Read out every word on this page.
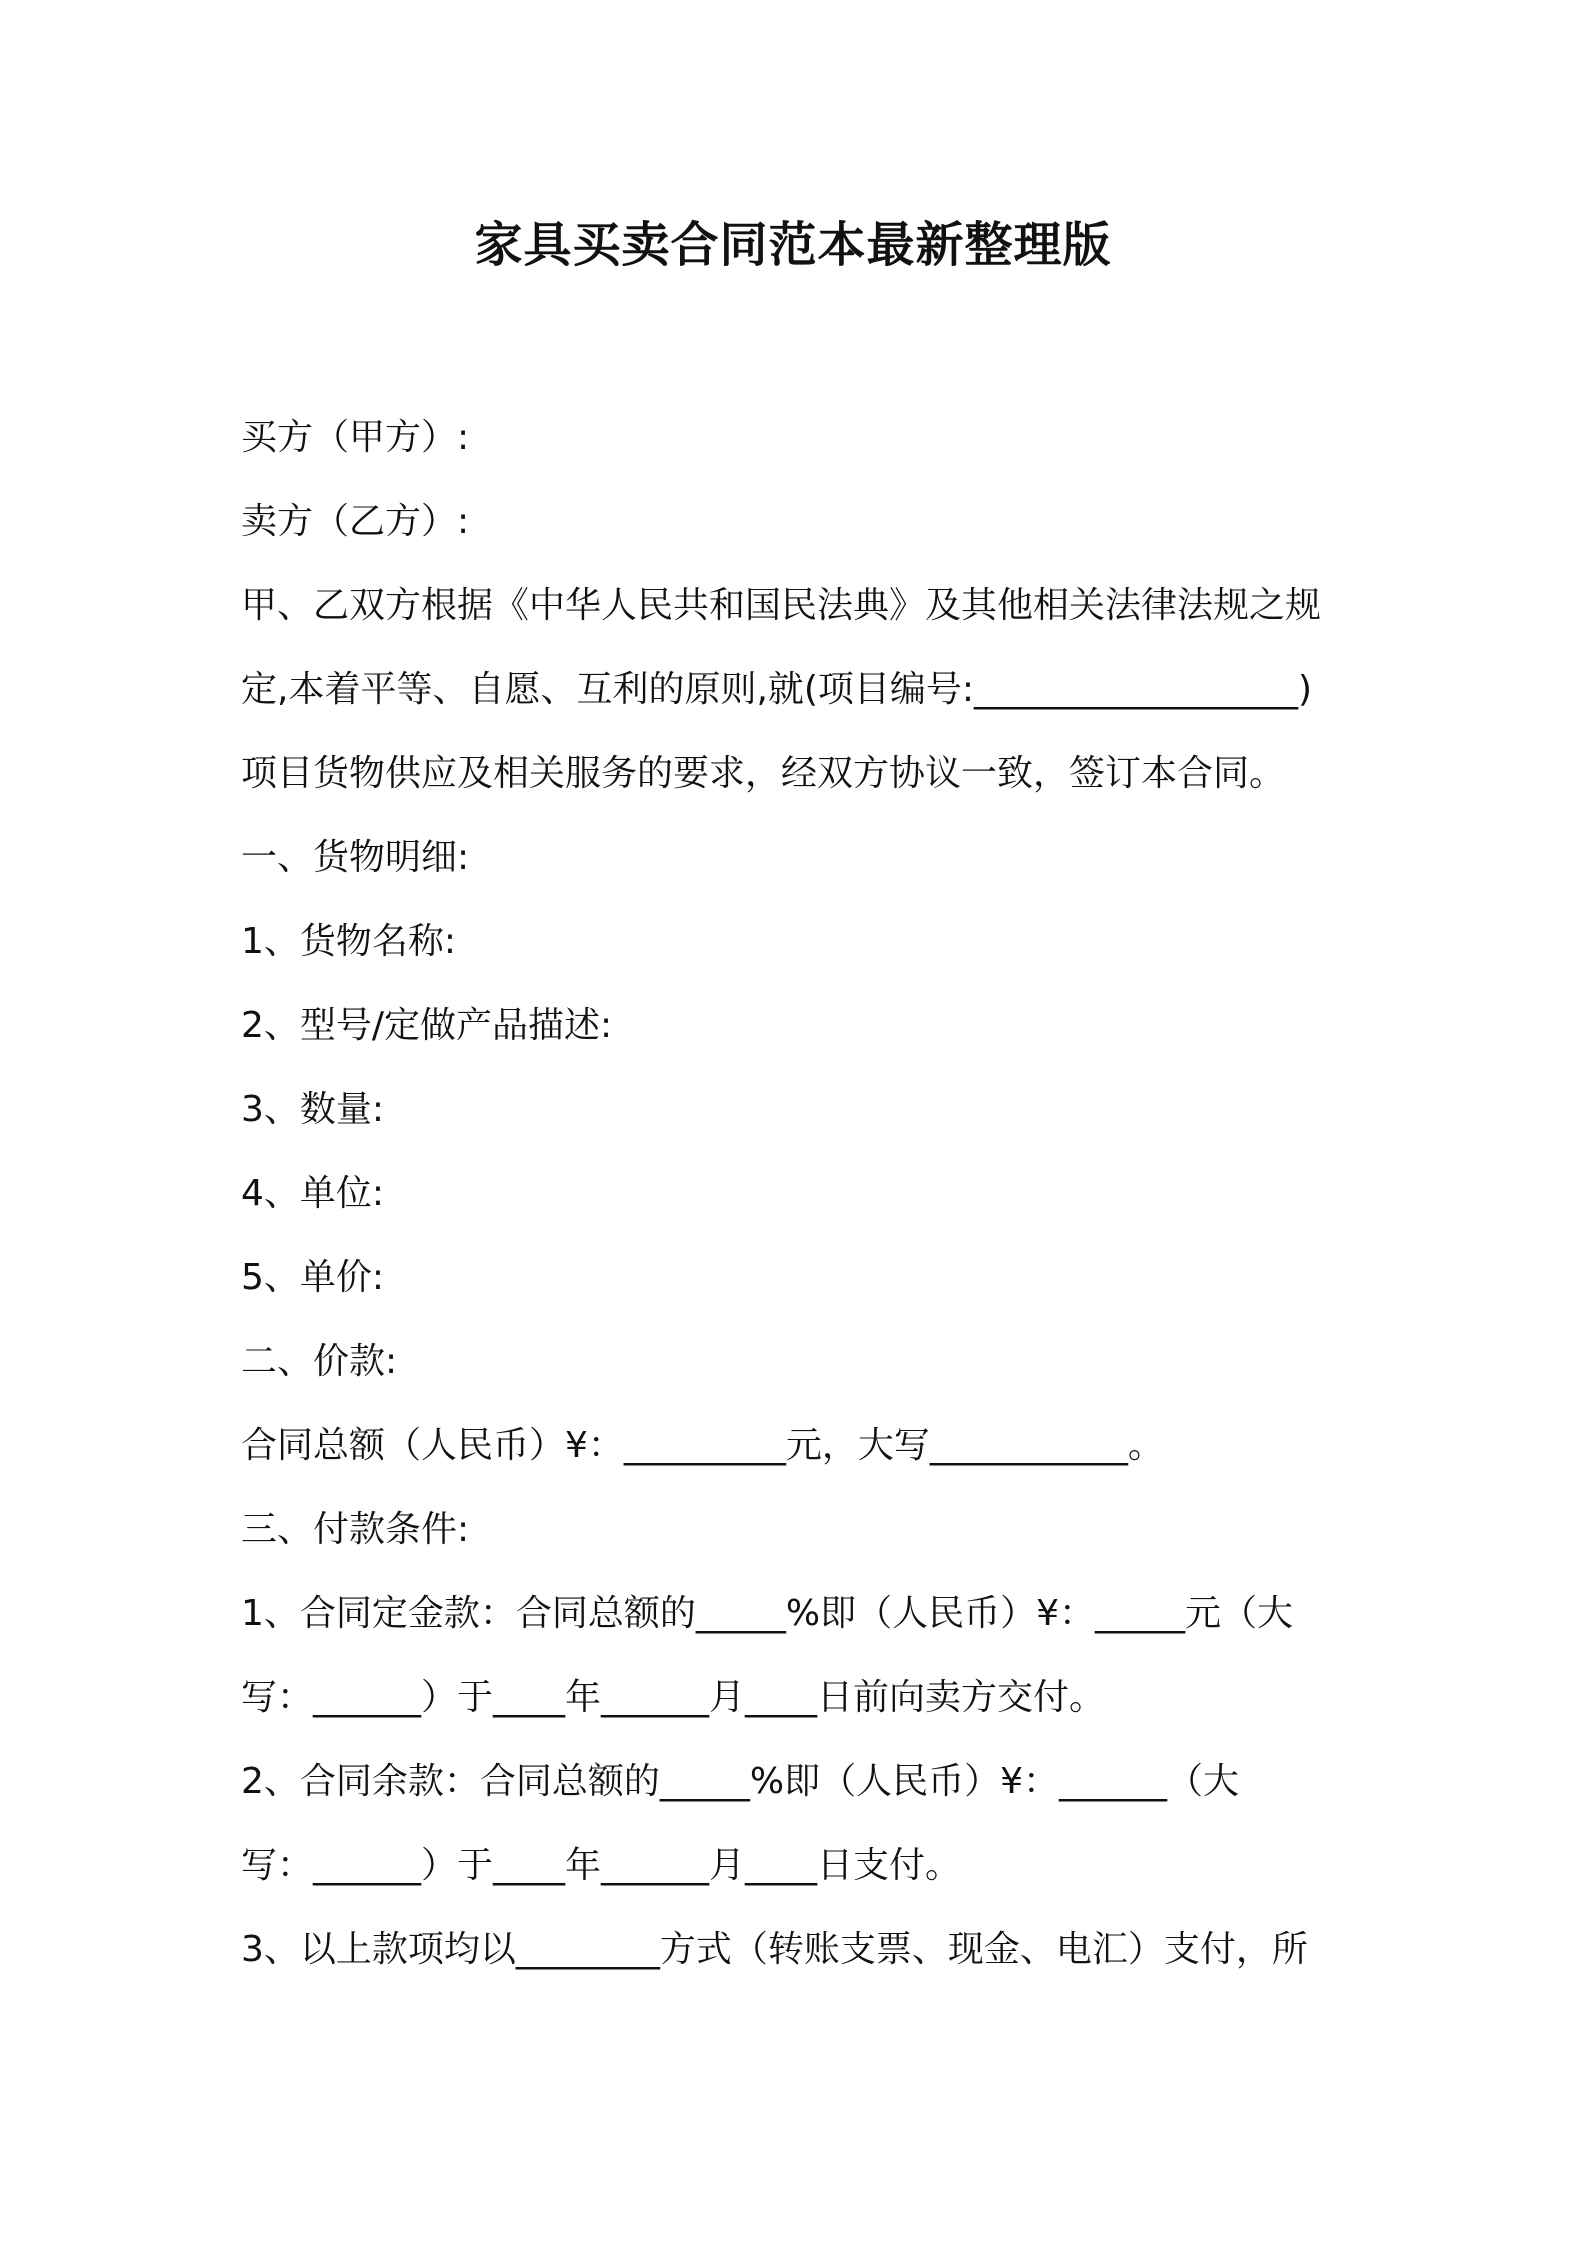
家具买卖合同范本最新整理版
买方（甲方）:
卖方（乙方）:
甲、乙双方根据《中华人民共和国民法典》及其他相关法律法规之规
定,本着平等、自愿、互利的原则,就(项目编号:__________________)
项目货物供应及相关服务的要求，经双方协议一致，签订本合同。
一、货物明细:
1、货物名称:
2、型号/定做产品描述:
3、数量:
4、单位:
5、单价:
二、价款:
合同总额（人民币）¥：_________元，大写___________。
三、付款条件:
1、合同定金款：合同总额的_____%即（人民币）¥：_____元（大
写：______）于____年______月____日前向卖方交付。
2、合同余款：合同总额的_____%即（人民币）¥：______（大
写：______）于____年______月____日支付。
3、以上款项均以________方式（转账支票、现金、电汇）支付，所
